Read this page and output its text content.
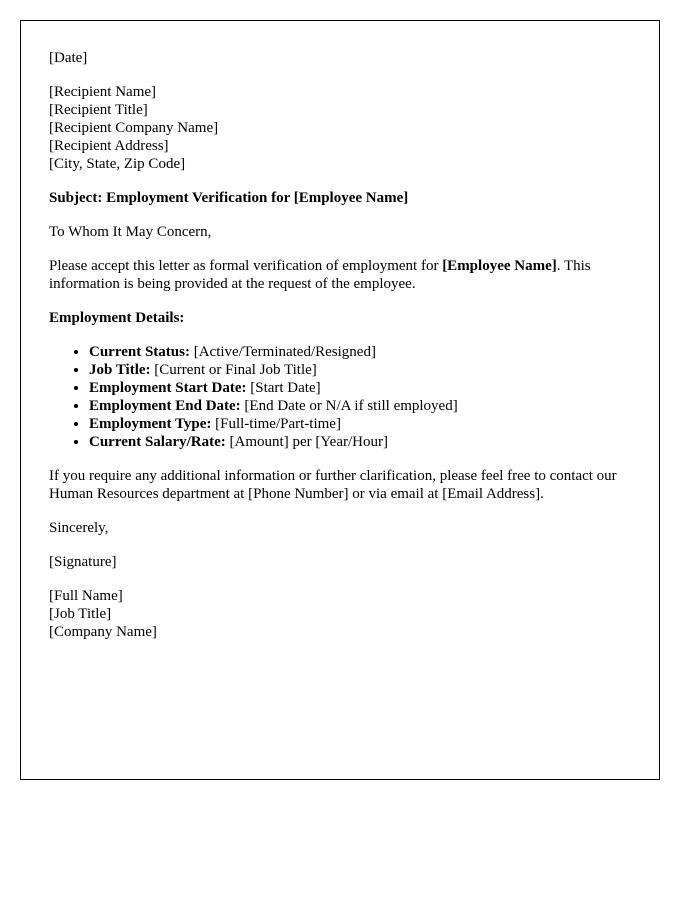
[Date]
[Recipient Name]
[Recipient Title]
[Recipient Company Name]
[Recipient Address]
[City, State, Zip Code]
Subject: Employment Verification for [Employee Name]

To Whom It May Concern,

Please accept this letter as formal verification of employment for [Employee Name]. This information is being provided at the request of the employee.

Employment Details:
• Current Status: [Active/Terminated/Resigned]
• Job Title: [Current or Final Job Title]
• Employment Start Date: [Start Date]
• Employment End Date: [End Date or N/A if still employed]
• Employment Type: [Full-time/Part-time]
• Current Salary/Rate: [Amount] per [Year/Hour]

If you require any additional information or further clarification, please feel free to contact our Human Resources department at [Phone Number] or via email at [Email Address].

Sincerely,

[Signature]

[Full Name]
[Job Title]
[Company Name]
